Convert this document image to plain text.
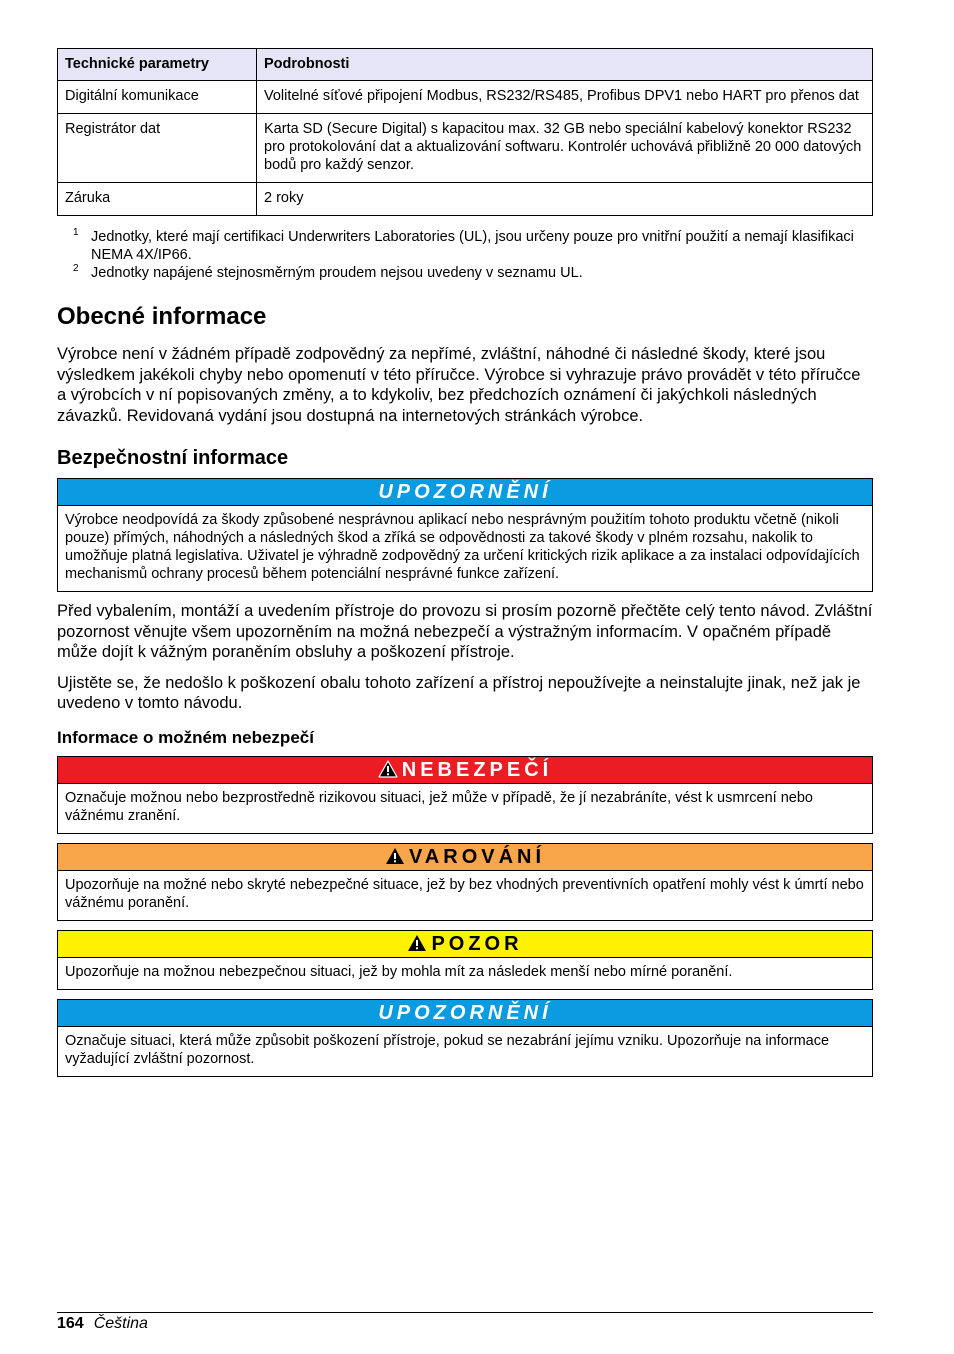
Technické parametry	Podrobnosti
Digitální komunikace	Volitelné síťové připojení Modbus, RS232/RS485, Profibus DPV1 nebo HART pro přenos dat
Registrátor dat	Karta SD (Secure Digital) s kapacitou max. 32 GB nebo speciální kabelový konektor RS232 pro protokolování dat a aktualizování softwaru. Kontrolér uchovává přibližně 20 000 datových bodů pro každý senzor.
Záruka	2 roky
1 Jednotky, které mají certifikaci Underwriters Laboratories (UL), jsou určeny pouze pro vnitřní použití a nemají klasifikaci NEMA 4X/IP66.
2 Jednotky napájené stejnosměrným proudem nejsou uvedeny v seznamu UL.
Obecné informace

Výrobce není v žádném případě zodpovědný za nepřímé, zvláštní, náhodné či následné škody, které jsou výsledkem jakékoli chyby nebo opomenutí v této příručce. Výrobce si vyhrazuje právo provádět v této příručce a výrobcích v ní popisovaných změny, a to kdykoliv, bez předchozích oznámení či jakýchkoli následných závazků. Revidovaná vydání jsou dostupná na internetových stránkách výrobce.

Bezpečnostní informace
UPOZORNĚNÍ
Výrobce neodpovídá za škody způsobené nesprávnou aplikací nebo nesprávným použitím tohoto produktu včetně (nikoli pouze) přímých, náhodných a následných škod a zříká se odpovědnosti za takové škody v plném rozsahu, nakolik to umožňuje platná legislativa. Uživatel je výhradně zodpovědný za určení kritických rizik aplikace a za instalaci odpovídajících mechanismů ochrany procesů během potenciální nesprávné funkce zařízení.

Před vybalením, montáží a uvedením přístroje do provozu si prosím pozorně přečtěte celý tento návod. Zvláštní pozornost věnujte všem upozorněním na možná nebezpečí a výstražným informacím. V opačném případě může dojít k vážným poraněním obsluhy a poškození přístroje.

Ujistěte se, že nedošlo k poškození obalu tohoto zařízení a přístroj nepoužívejte a neinstalujte jinak, než jak je uvedeno v tomto návodu.

Informace o možném nebezpečí
NEBEZPEČÍ
Označuje možnou nebo bezprostředně rizikovou situaci, jež může v případě, že jí nezabráníte, vést k usmrcení nebo vážnému zranění.
VAROVÁNÍ
Upozorňuje na možné nebo skryté nebezpečné situace, jež by bez vhodných preventivních opatření mohly vést k úmrtí nebo vážnému poranění.
POZOR
Upozorňuje na možnou nebezpečnou situaci, jež by mohla mít za následek menší nebo mírné poranění.
UPOZORNĚNÍ
Označuje situaci, která může způsobit poškození přístroje, pokud se nezabrání jejímu vzniku. Upozorňuje na informace vyžadující zvláštní pozornost.
164 Čeština
